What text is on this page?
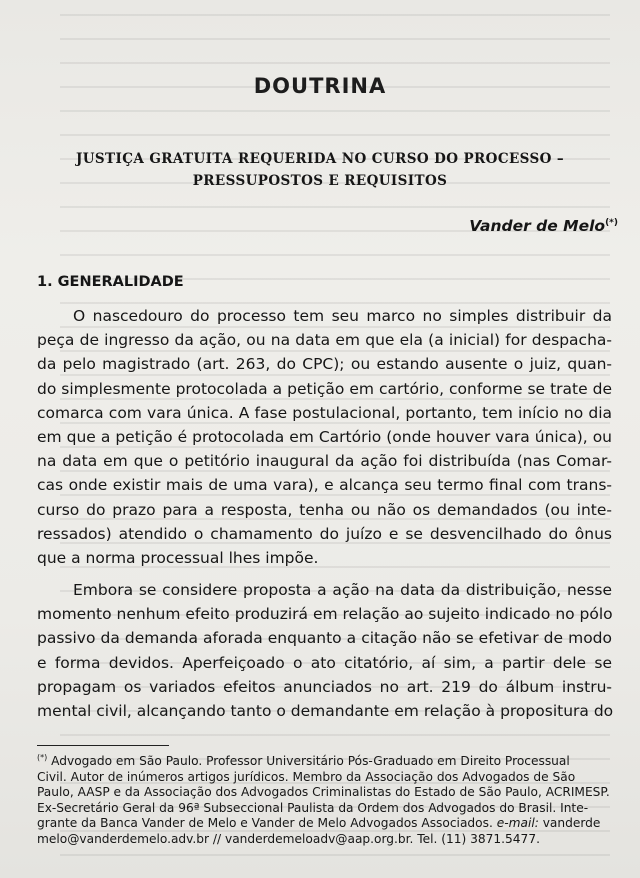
DOUTRINA
JUSTIÇA GRATUITA REQUERIDA NO CURSO DO PROCESSO –
PRESSUPOSTOS E REQUISITOS
Vander de Melo(*)
1. GENERALIDADE
O nascedouro do processo tem seu marco no simples distribuir da
peça de ingresso da ação, ou na data em que ela (a inicial) for despacha-
da pelo magistrado (art. 263, do CPC); ou estando ausente o juiz, quan-
do simplesmente protocolada a petição em cartório, conforme se trate de
comarca com vara única. A fase postulacional, portanto, tem início no dia
em que a petição é protocolada em Cartório (onde houver vara única), ou
na data em que o petitório inaugural da ação foi distribuída (nas Comar-
cas onde existir mais de uma vara), e alcança seu termo final com trans-
curso do prazo para a resposta, tenha ou não os demandados (ou inte-
ressados) atendido o chamamento do juízo e se desvencilhado do ônus
que a norma processual lhes impõe.
Embora se considere proposta a ação na data da distribuição, nesse
momento nenhum efeito produzirá em relação ao sujeito indicado no pólo
passivo da demanda aforada enquanto a citação não se efetivar de modo
e forma devidos. Aperfeiçoado o ato citatório, aí sim, a partir dele se
propagam os variados efeitos anunciados no art. 219 do álbum instru-
mental civil, alcançando tanto o demandante em relação à propositura do
(*) Advogado em São Paulo. Professor Universitário Pós-Graduado em Direito Processual
Civil. Autor de inúmeros artigos jurídicos. Membro da Associação dos Advogados de São
Paulo, AASP e da Associação dos Advogados Criminalistas do Estado de São Paulo, ACRIMESP.
Ex-Secretário Geral da 96ª Subseccional Paulista da Ordem dos Advogados do Brasil. Inte-
grante da Banca Vander de Melo e Vander de Melo Advogados Associados. e-mail: vanderde
melo@vanderdemelo.adv.br // vanderdemeloadv@aap.org.br. Tel. (11) 3871.5477.
